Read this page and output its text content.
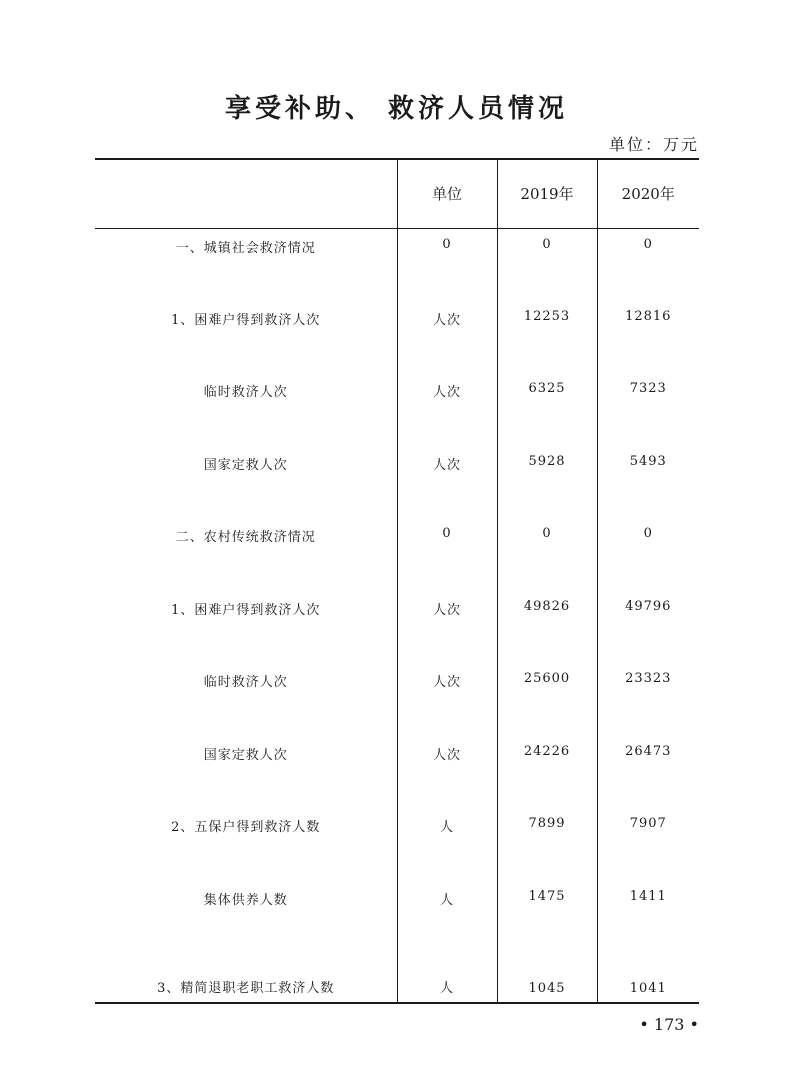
享受补助、 救济人员情况
单位：万元
	单位	2019年	2020年
一、城镇社会救济情况	0	0	0
1、困难户得到救济人次	人次	12253	12816
临时救济人次	人次	6325	7323
国家定救人次	人次	5928	5493
二、农村传统救济情况	0	0	0
1、困难户得到救济人次	人次	49826	49796
临时救济人次	人次	25600	23323
国家定救人次	人次	24226	26473
2、五保户得到救济人数	人	7899	7907
集体供养人数	人	1475	1411
3、精简退职老职工救济人数	人	1045	1041
• 173 •
